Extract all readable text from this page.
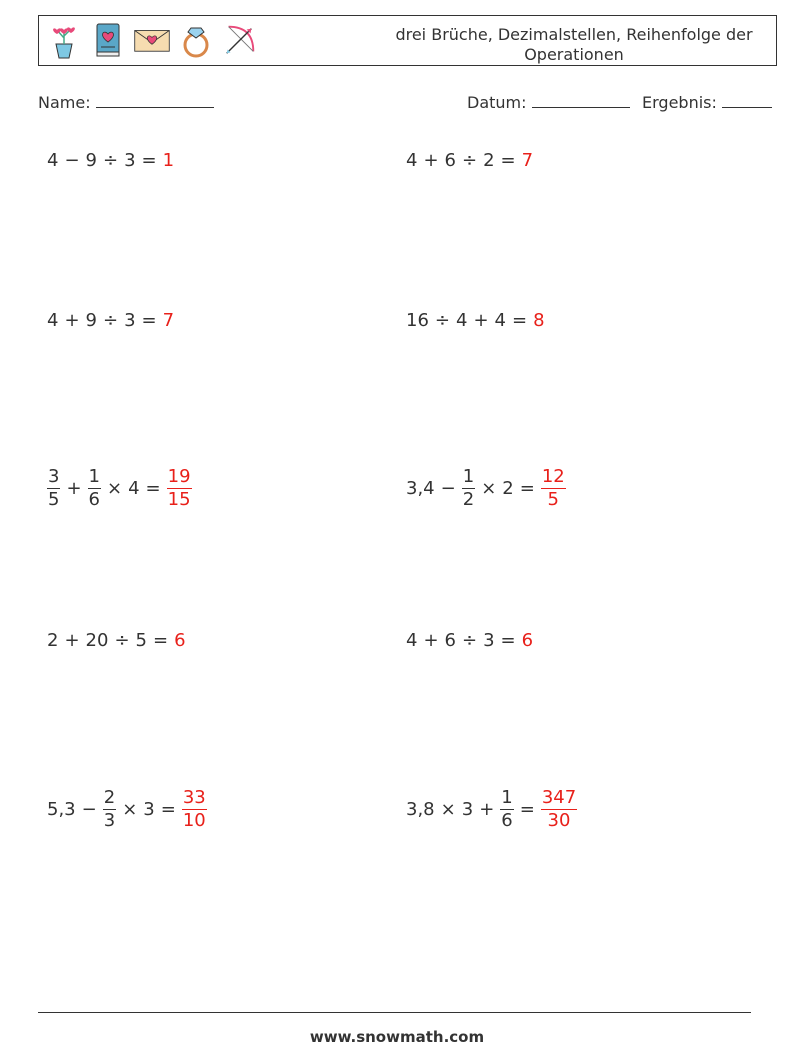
drei Brüche, Dezimalstellen, Reihenfolge der Operationen
Name:	Datum:	Ergebnis:
4 − 9 ÷ 3 = 1	4 + 6 ÷ 2 = 7
4 + 9 ÷ 3 = 7	16 ÷ 4 + 4 = 8
$\frac{3}{5} + \frac{1}{6} \times 4 = \frac{19}{15}$	$3,4 - \frac{1}{2} \times 2 = \frac{12}{5}$
2 + 20 ÷ 5 = 6	4 + 6 ÷ 3 = 6
$5,3 - \frac{2}{3} \times 3 = \frac{33}{10}$	$3,8 \times 3 + \frac{1}{6} = \frac{347}{30}$
www.snowmath.com
